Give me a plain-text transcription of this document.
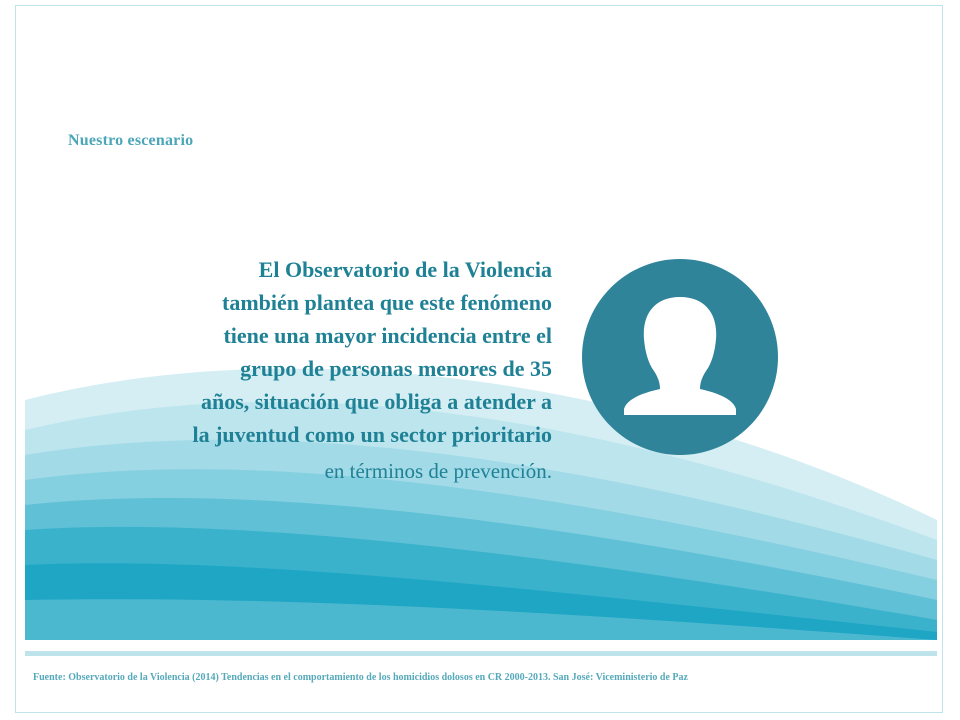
Nuestro escenario
El Observatorio de la Violencia
también plantea que este fenómeno
tiene una mayor incidencia entre el
grupo de personas menores de 35
años, situación que obliga a atender a
la juventud como un sector prioritario
en términos de prevención.
Fuente: Observatorio de la Violencia (2014) Tendencias en el comportamiento de los homicidios dolosos en CR 2000-2013. San José: Viceministerio de Paz
